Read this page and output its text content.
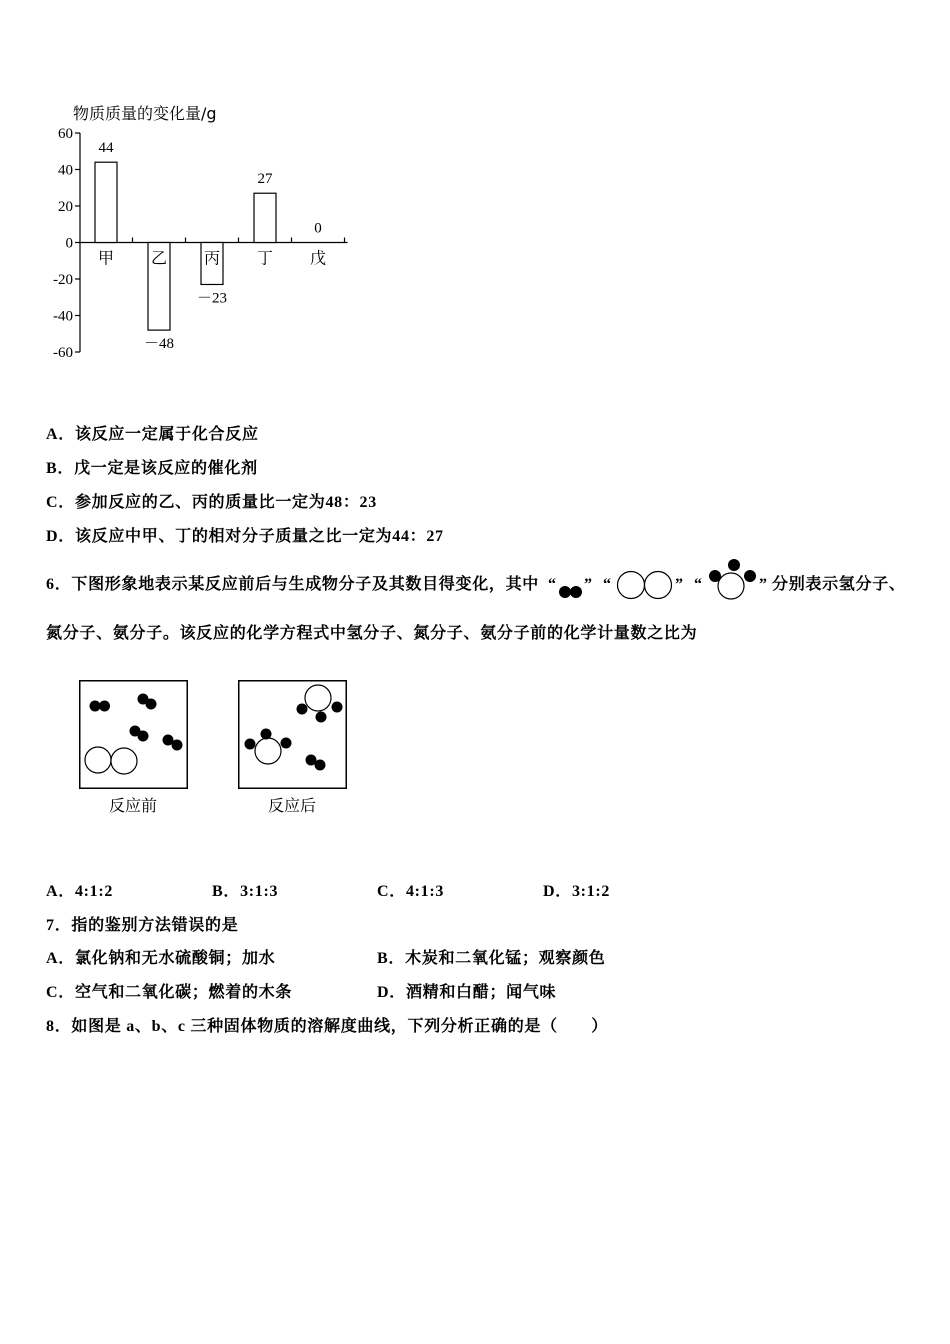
物质质量的变化量/g
60
40
20
0
-20
-40
-60
甲
44
乙
－48
丙
－23
丁
27
戊
0
A．该反应一定属于化合反应
B．戊一定是该反应的催化剂
C．参加反应的乙、丙的质量比一定为48：23
D．该反应中甲、丁的相对分子质量之比一定为44：27
6．下图形象地表示某反应前后与生成物分子及其数目得变化，其中 “ ” “	” “	” 分别表示氢分子、
氮分子、氨分子。该反应的化学方程式中氢分子、氮分子、氨分子前的化学计量数之比为
反应前	反应后
A．4:1:2	B．3:1:3	C．4:1:3	D．3:1:2
7．指的鉴别方法错误的是
A．氯化钠和无水硫酸铜；加水	B．木炭和二氧化锰；观察颜色
C．空气和二氧化碳；燃着的木条	D．酒精和白醋；闻气味
8．如图是 a、b、c 三种固体物质的溶解度曲线，下列分析正确的是（　　）
